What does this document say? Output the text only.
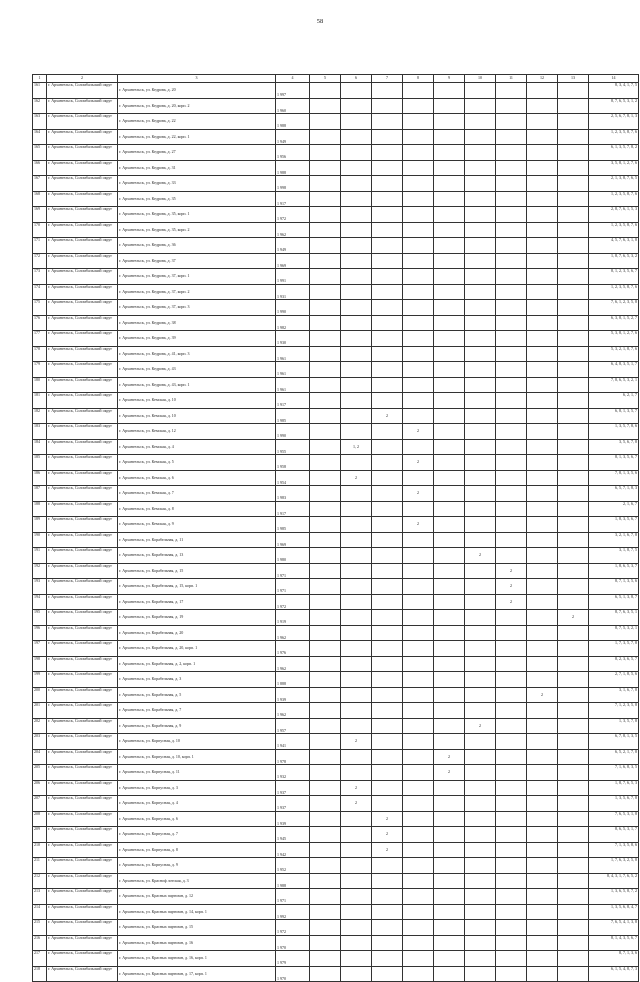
58
1	2	3	4	5	6	7	8	9	10	11	12	13	14
161	г. Архангельск, Соломбальский округ	г. Архангельск, ул. Кедрова, д. 20	1 997										8, 3, 4, 1, 7, 5
162	г. Архангельск, Соломбальский округ	г. Архангельск, ул. Кедрова, д. 20, корп. 2	1 960										8, 7, 6, 5, 3, 1, 2
163	г. Архангельск, Соломбальский округ	г. Архангельск, ул. Кедрова, д. 22	1 988										2, 5, 6, 7, 8, 1, 3
164	г. Архангельск, Соломбальский округ	г. Архангельск, ул. Кедрова, д. 22, корп. 1	1 949										1, 2, 3, 5, 8, 7, 6
165	г. Архангельск, Соломбальский округ	г. Архангельск, ул. Кедрова, д. 27	1 956										6, 1, 3, 5, 7, 8, 2
166	г. Архангельск, Соломбальский округ	г. Архангельск, ул. Кедрова, д. 31	1 988										3, 5, 8, 1, 2, 7, 6
167	г. Архангельск, Соломбальский округ	г. Архангельск, ул. Кедрова, д. 33	1 998										2, 1, 3, 8, 7, 6, 5
168	г. Архангельск, Соломбальский округ	г. Архангельск, ул. Кедрова, д. 35	1 917										1, 2, 3, 5, 8, 7, 6
169	г. Архангельск, Соломбальский округ	г. Архангельск, ул. Кедрова, д. 35, корп. 1	1 972										2, 8, 7, 6, 1, 5, 3
170	г. Архангельск, Соломбальский округ	г. Архангельск, ул. Кедрова, д. 35, корп. 2	1 962										1, 2, 3, 5, 8, 7, 6
171	г. Архангельск, Соломбальский округ	г. Архангельск, ул. Кедрова, д. 36	1 949										4, 5, 7, 6, 3, 1, 8
172	г. Архангельск, Соломбальский округ	г. Архангельск, ул. Кедрова, д. 37	1 969										1, 8, 7, 6, 5, 3, 2
173	г. Архангельск, Соломбальский округ	г. Архангельск, ул. Кедрова, д. 37, корп. 1	1 991										8, 1, 2, 3, 5, 6, 7
174	г. Архангельск, Соломбальский округ	г. Архангельск, ул. Кедрова, д. 37, корп. 2	1 931										1, 2, 3, 5, 8, 7, 6
175	г. Архангельск, Соломбальский округ	г. Архангельск, ул. Кедрова, д. 37, корп. 3	1 990										7, 6, 1, 2, 3, 5, 8
176	г. Архангельск, Соломбальский округ	г. Архангельск, ул. Кедрова, д. 38	1 982										6, 3, 8, 1, 5, 2, 7
177	г. Архангельск, Соломбальский округ	г. Архангельск, ул. Кедрова, д. 39	1 930										5, 3, 8, 1, 2, 7, 6
178	г. Архангельск, Соломбальский округ	г. Архангельск, ул. Кедрова, д. 41, корп. 3	1 961										5, 3, 2, 1, 8, 7, 6
179	г. Архангельск, Соломбальский округ	г. Архангельск, ул. Кедрова, д. 43	1 961										6, 4, 8, 3, 5, 1, 7
180	г. Архангельск, Соломбальский округ	г. Архангельск, ул. Кедрова, д. 43, корп. 1	1 961										7, 8, 6, 5, 3, 2, 1
181	г. Архангельск, Соломбальский округ	г. Архангельск, ул. Кемская, д. 10	1 917										6, 2, 1, 7
182	г. Архангельск, Соломбальский округ	г. Архангельск, ул. Кемская, д. 10	1 985			2							6, 8, 1, 3, 5, 7
183	г. Архангельск, Соломбальский округ	г. Архангельск, ул. Кемская, д. 12	1 990				2						1, 3, 5, 7, 8, 6
184	г. Архангельск, Соломбальский округ	г. Архангельск, ул. Кемская, д. 4	1 955		1, 2								3, 5, 6, 7, 8
185	г. Архангельск, Соломбальский округ	г. Архангельск, ул. Кемская, д. 5	1 958				2						8, 1, 3, 5, 6, 7
186	г. Архангельск, Соломбальский округ	г. Архангельск, ул. Кемская, д. 6	1 954		2								7, 8, 1, 3, 5, 6
187	г. Архангельск, Соломбальский округ	г. Архангельск, ул. Кемская, д. 7	1 983				2						6, 5, 7, 1, 8, 3
188	г. Архангельск, Соломбальский округ	г. Архангельск, ул. Кемская, д. 8	1 917										2, 1, 6, 7
189	г. Архангельск, Соломбальский округ	г. Архангельск, ул. Кемская, д. 9	1 985				2						1, 8, 3, 5, 6, 7
190	г. Архангельск, Соломбальский округ	г. Архангельск, ул. Корабельная, д. 11	1 969										3, 2, 1, 6, 7, 8
191	г. Архангельск, Соломбальский округ	г. Архангельск, ул. Корабельная, д. 13	1 980						2				3, 1, 8, 7, 5
192	г. Архангельск, Соломбальский округ	г. Архангельск, ул. Корабельная, д. 15	1 971							2			1, 8, 6, 5, 3, 7
193	г. Архангельск, Соломбальский округ	г. Архангельск, ул. Корабельная, д. 15, корп. 1	1 971							2			8, 7, 1, 3, 5, 6
194	г. Архангельск, Соломбальский округ	г. Архангельск, ул. Корабельная, д. 17	1 972							2			6, 5, 1, 3, 8, 7
195	г. Архангельск, Соломбальский округ	г. Архангельск, ул. Корабельная, д. 19	1 919									2	8, 7, 6, 3, 5, 1
196	г. Архангельск, Соломбальский округ	г. Архангельск, ул. Корабельная, д. 20	1 962										8, 7, 5, 3, 2, 1
197	г. Архангельск, Соломбальский округ	г. Архангельск, ул. Корабельная, д. 20, корп. 1	1 976										1, 7, 3, 5, 7, 8
198	г. Архангельск, Соломбальский округ	г. Архангельск, ул. Корабельная, д. 2, корп. 1	1 962										8, 2, 3, 6, 5, 7
199	г. Архангельск, Соломбальский округ	г. Архангельск, ул. Корабельная, д. 3	1 888										2, 7, 1, 8, 5, 6
200	г. Архангельск, Соломбальский округ	г. Архангельск, ул. Корабельная, д. 5	1 939								2		3, 1, 6, 7, 8
201	г. Архангельск, Соломбальский округ	г. Архангельск, ул. Корабельная, д. 7	1 962										7, 1, 2, 3, 5, 8
202	г. Архангельск, Соломбальский округ	г. Архангельск, ул. Корабельная, д. 9	1 957						2				1, 3, 5, 7, 8
203	г. Архангельск, Соломбальский округ	г. Архангельск, ул. Корпусная, д. 10	1 941		2								6, 7, 8, 1, 3, 5
204	г. Архангельск, Соломбальский округ	г. Архангельск, ул. Корпусная, д. 10, корп. 1	1 978					2					6, 5, 2, 1, 7, 8
205	г. Архангельск, Соломбальский округ	г. Архангельск, ул. Корпусная, д. 11	1 932					2					7, 1, 6, 8, 3, 5
206	г. Архангельск, Соломбальский округ	г. Архангельск, ул. Корпусная, д. 3	1 937		2								1, 8, 7, 6, 5, 3
207	г. Архангельск, Соломбальский округ	г. Архангельск, ул. Корпусная, д. 4	1 937		2								1, 3, 5, 6, 7, 8
208	г. Архангельск, Соломбальский округ	г. Архангельск, ул. Корпусная, д. 6	1 939			2							7, 6, 5, 3, 1, 8
209	г. Архангельск, Соломбальский округ	г. Архангельск, ул. Корпусная, д. 7	1 945			2							8, 6, 5, 3, 1, 7
210	г. Архангельск, Соломбальский округ	г. Архангельск, ул. Корпусная, д. 8	1 942			2							7, 1, 3, 5, 8, 6
211	г. Архангельск, Соломбальский округ	г. Архангельск, ул. Корпусная, д. 9	1 952										1, 7, 6, 3, 2, 5, 8
212	г. Архангельск, Соломбальский округ	г. Архангельск, ул. Красноф лотская, д. 3	1 988										8, 4, 3, 1, 7, 6, 5, 2
213	г. Архангельск, Соломбальский округ	г. Архангельск, ул. Красных партизан, д. 12	1 971										1, 3, 6, 5, 8, 7, 2
214	г. Архангельск, Соломбальский округ	г. Архангельск, ул. Красных партизан, д. 14, корп. 1	1 992										1, 3, 5, 6, 8, 4, 7
215	г. Архангельск, Соломбальский округ	г. Архангельск, ул. Красных партизан, д. 15	1 972										7, 6, 5, 4, 1, 3, 8
216	г. Архангельск, Соломбальский округ	г. Архангельск, ул. Красных партизан, д. 16	1 970										8, 1, 4, 3, 5, 6, 7
217	г. Архангельск, Соломбальский округ	г. Архангельск, ул. Красных партизан, д. 16, корп. 1	1 979										8, 7, 1, 3, 6
218	г. Архангельск, Соломбальский округ	г. Архангельск, ул. Красных партизан, д. 17, корп. 1	1 970										6, 1, 5, 4, 8, 7, 3
